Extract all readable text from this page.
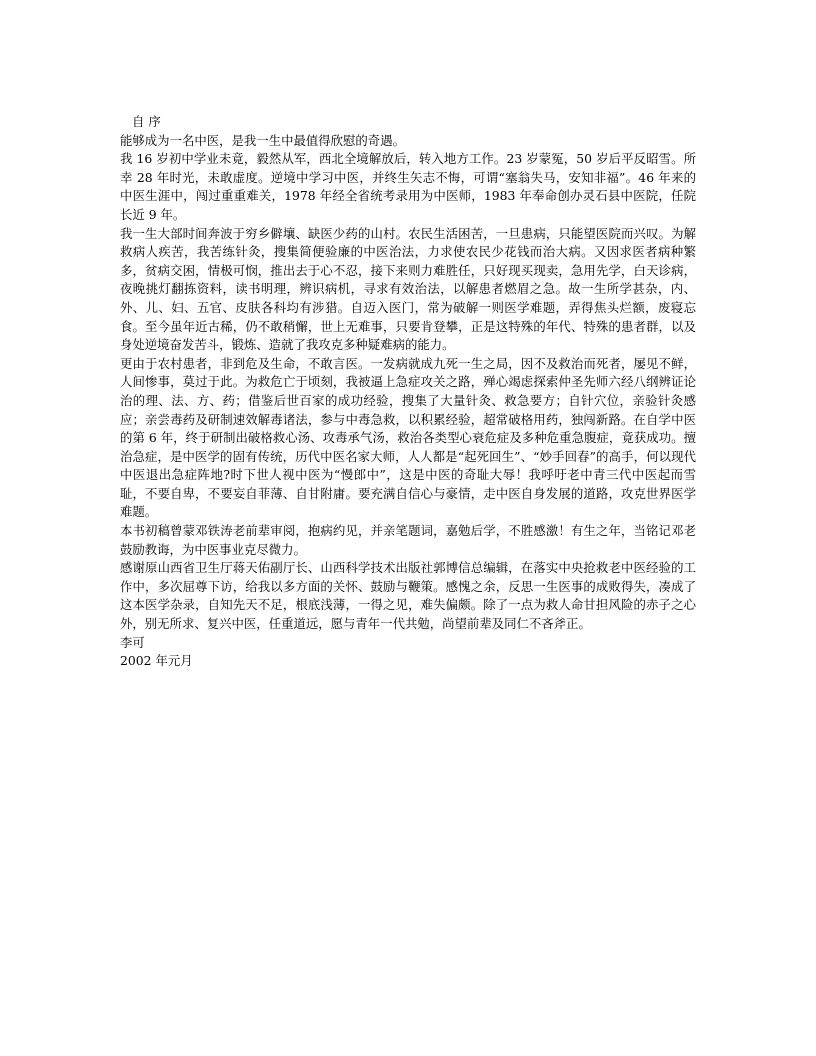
自 序

能够成为一名中医，是我一生中最值得欣慰的奇遇。

我 16 岁初中学业未竟，毅然从军，西北全境解放后，转入地方工作。23 岁蒙冤，50 岁后平反昭雪。所幸 28 年时光，未敢虚度。逆境中学习中医，并终生矢志不悔，可谓“塞翁失马，安知非福”。46 年来的中医生涯中，闯过重重难关，1978 年经全省统考录用为中医师，1983 年奉命创办灵石县中医院，任院长近 9 年。

我一生大部时间奔波于穷乡僻壤、缺医少药的山村。农民生活困苦，一旦患病，只能望医院而兴叹。为解救病人疾苦，我苦练针灸，搜集简便验廉的中医治法，力求使农民少花钱而治大病。又因求医者病种繁多，贫病交困，情极可悯，推出去于心不忍，接下来则力难胜任，只好现买现卖，急用先学，白天诊病，夜晚挑灯翻拣资料，读书明理，辨识病机，寻求有效治法，以解患者燃眉之急。故一生所学甚杂，内、外、儿、妇、五官、皮肤各科均有涉猎。自迈入医门，常为破解一则医学难题，弄得焦头烂额，废寝忘食。至今虽年近古稀，仍不敢稍懈，世上无难事，只要肯登攀，正是这特殊的年代、特殊的患者群，以及身处逆境奋发苦斗，锻炼、造就了我攻克多种疑难病的能力。

更由于农村患者，非到危及生命，不敢言医。一发病就成九死一生之局，因不及救治而死者，屡见不鲜，人间惨事，莫过于此。为救危亡于顷刻，我被逼上急症攻关之路，殚心竭虑探索仲圣先师六经八纲辨证论治的理、法、方、药；借鉴后世百家的成功经验，搜集了大量针灸、救急要方；自针穴位，亲验针灸感应；亲尝毒药及研制速效解毒诸法，参与中毒急救，以积累经验，超常破格用药，独闯新路。在自学中医的第 6 年，终于研制出破格救心汤、攻毒承气汤，救治各类型心衰危症及多种危重急腹症，竟获成功。擅治急症，是中医学的固有传统，历代中医名家大师，人人都是“起死回生”、“妙手回春”的高手，何以现代中医退出急症阵地?时下世人视中医为“慢郎中”，这是中医的奇耻大辱！我呼吁老中青三代中医起而雪耻，不要自卑，不要妄自菲薄、自甘附庸。要充满自信心与豪情，走中医自身发展的道路，攻克世界医学难题。

本书初稿曾蒙邓铁涛老前辈审阅，抱病约见，并亲笔题词，嘉勉后学，不胜感激！有生之年，当铭记邓老鼓励教诲，为中医事业克尽微力。

感谢原山西省卫生厅蒋天佑副厅长、山西科学技术出版社郭博信总编辑，在落实中央抢救老中医经验的工作中，多次屈尊下访，给我以多方面的关怀、鼓励与鞭策。感愧之余，反思一生医事的成败得失，凑成了这本医学杂录，自知先天不足，根底浅薄，一得之见，难失偏颇。除了一点为救人命甘担风险的赤子之心外，别无所求、复兴中医，任重道远，愿与青年一代共勉，尚望前辈及同仁不吝斧正。

李可

2002 年元月
